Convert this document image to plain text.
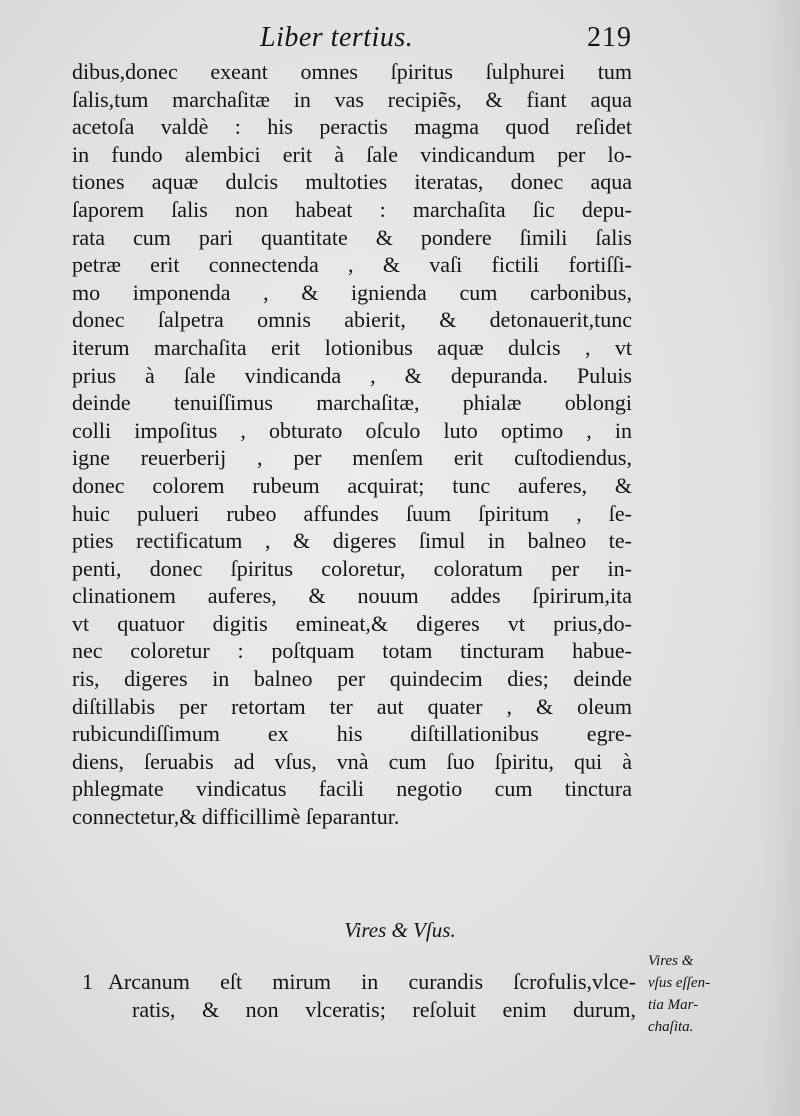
Liber tertius.	219
dibus,donec exeant omnes ſpiritus ſulphurei tum
ſalis,tum marchaſitæ in vas recipiẽs, & fiant aqua
acetoſa valdè : his peractis magma quod reſidet
in fundo alembici erit à ſale vindicandum per lo-
tiones aquæ dulcis multoties iteratas, donec aqua
ſaporem ſalis non habeat : marchaſita ſic depu-
rata cum pari quantitate & pondere ſimili ſalis
petræ erit connectenda , & vaſi fictili fortiſſi-
mo imponenda , & ignienda cum carbonibus,
donec ſalpetra omnis abierit, & detonauerit,tunc
iterum marchaſita erit lotionibus aquæ dulcis , vt
prius à ſale vindicanda , & depuranda. Puluis
deinde tenuiſſimus marchaſitæ, phialæ oblongi
colli impoſitus , obturato oſculo luto optimo , in
igne reuerberij , per menſem erit cuſtodiendus,
donec colorem rubeum acquirat; tunc auferes, &
huic pulueri rubeo affundes ſuum ſpiritum , ſe-
pties rectificatum , & digeres ſimul in balneo te-
penti, donec ſpiritus coloretur, coloratum per in-
clinationem auferes, & nouum addes ſpirirum,ita
vt quatuor digitis emineat,& digeres vt prius,do-
nec coloretur : poſtquam totam tincturam habue-
ris, digeres in balneo per quindecim dies; deinde
diſtillabis per retortam ter aut quater , & oleum
rubicundiſſimum ex his diſtillationibus egre-
diens, ſeruabis ad vſus, vnà cum ſuo ſpiritu, qui à
phlegmate vindicatus facili negotio cum tinctura
connectetur,& difficillimè ſeparantur.
Vires & Vſus.
1 Arcanum eſt mirum in curandis ſcrofulis,vlce-
ratis, & non vlceratis; reſoluit enim durum,
Vires &
vſus eſſen-
tia Mar-
chaſita.
